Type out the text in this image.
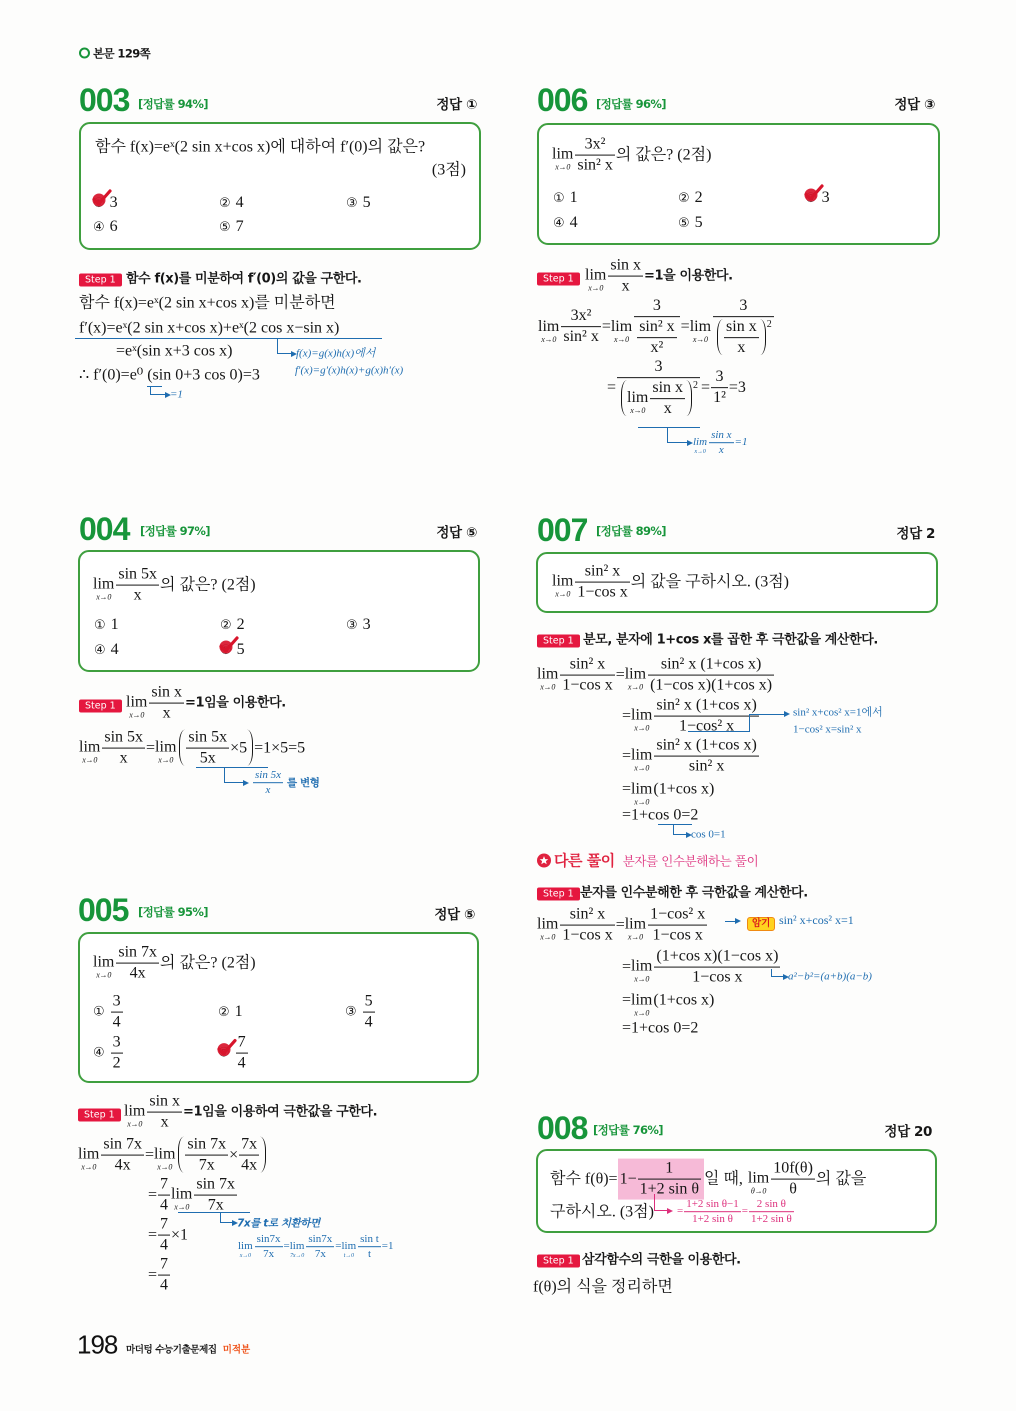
본문 129쪽
003 [정답률 94%]	정답 ①
함수 f(x)=eˣ(2 sin x+cos x)에 대하여 f′(0)의 값은?
(3점)
3	② 4	③ 5
④ 6	⑤ 7
Step 1 함수 f(x)를 미분하여 f′(0)의 값을 구한다.
함수 f(x)=eˣ(2 sin x+cos x)를 미분하면
f′(x)=eˣ(2 sin x+cos x)+eˣ(2 cos x−sin x)
=eˣ(sin x+3 cos x)	f(x)=g(x)h(x)에서
f′(x)=g′(x)h(x)+g(x)h′(x)
∴ f′(0)=e⁰ (sin 0+3 cos 0)=3
=1
006 [정답률 96%]	정답 ③
lim
$x\to 0 \frac{\text{3x²}}{\text{sin² x}}$ 의 값은? (2점)
① 1	② 2	3
④ 4	⑤ 5
Step 1 lim
$x\to 0 \frac{\text{sin x}}{x} =1$을 이용한다.
lim
$x\to 0 \frac{\text{3x²}}{\text{sin² x}} = \lim$
$x\to 0 \frac{3}{\frac{\text{sin² x}}{\text{x²}}} = \lim$
$x\to 0 \frac{3}{\frac{\text{sin x}}{x} 2}$
= 3
lim
$x\to 0 \frac{\text{sin x}}{x} 2 = \frac{3}{\text{1²}} =3$
lim
$x\to 0 \frac{\text{sin x}}{x} =1$
004 [정답률 97%]	정답 ⑤
lim
$x\to 0 \frac{\sin 5x}{x}$ 의 값은? (2점)
① 1	② 2	③ 3
④ 4	5
Step 1 lim
$x\to 0 \frac{\text{sin x}}{x} =1$임을 이용한다.
lim
$x\to 0 \frac{\sin 5x}{x} = \lim$
$x\to 0 \frac{\sin 5x}{5x} \times 5 =1\times 5=5$
$\frac{\sin 5x}{x}$ 를 변형
005 [정답률 95%]	정답 ⑤
lim
$x\to 0 \frac{\sin 7x}{4x}$ 의 값은? (2점)
① $\frac{3}{4}$	② 1	③ $\frac{5}{4}$
④ $\frac{3}{2}$	$\frac{7}{4}$
Step 1 lim
$x\to 0 \frac{\text{sin x}}{x} =1$임을 이용하여 극한값을 구한다.
lim
$x\to 0 \frac{\sin 7x}{4x} = \lim$
$x\to 0 \frac{\sin 7x}{7x} \times \frac{7x}{4x}$
= $\frac{7}{4}$ lim
$x\to 0 \frac{\sin 7x}{7x}$
7x를 t로 치환하면
= $\frac{7}{4} \times 1$
lim
$x\to 0 \frac{\sin 7x}{7x} = \lim$
$7x\to 0 \frac{\sin 7x}{7x} = \lim$
$t\to 0 \frac{\text{sin t}}{t} =1$
= $\frac{7}{4}$
007 [정답률 89%]	정답 2
lim
$x\to 0 \frac{\text{sin² x}}{\text{1−cos x}}$ 의 값을 구하시오. (3점)
Step 1 분모, 분자에 1+cos x를 곱한 후 극한값을 계산한다.
lim
$x\to 0 \frac{\text{sin² x}}{\text{1−cos x}} = \lim$
$x\to 0 \frac{\text{sin² x (1+cos x)}}{\text{(1−cos x)(1+cos x)}}$
= lim
$x\to 0 \frac{\text{sin² x (1+cos x)}}{\text{1−cos² x}}$	sin² x+cos² x=1에서
1−cos² x=sin² x
= lim
$x\to 0 \frac{\text{sin² x (1+cos x)}}{\text{sin² x}}$
= lim
x→0
(1+cos x)
=1+ cos 0 =2
cos 0=1
다른 풀이 분자를 인수분해하는 풀이
Step 1 분자를 인수분해한 후 극한값을 계산한다.
lim
$x\to 0 \frac{\text{sin² x}}{\text{1−cos x}} = \lim$
$x\to 0 \frac{\text{1−cos² x}}{\text{1−cos x}}$	암기 sin² x+cos² x=1
= lim
$x\to 0 \frac{\text{(1+cos x)(1−cos x)}}{\text{1−cos x}} a^2-b^2=(a+b)(a-b)$
= lim
x→0
(1+cos x)
=1+cos 0=2
008 [정답률 76%]	정답 20
함수 $f(\theta)= 1- \frac{1}{\text{1+2 sin θ}}$ 일 때, lim
$\theta\to 0 \frac{10f(\theta)}{\theta}$ 의 값을
구하시오. (3점) = $\frac{\text{1+2 sin θ−1}}{\text{1+2 sin θ}} = \frac{\text{2 sin θ}}{\text{1+2 sin θ}}$
Step 1 삼각함수의 극한을 이용한다.
f(θ)의 식을 정리하면
198 마더텅 수능기출문제집 미적분
